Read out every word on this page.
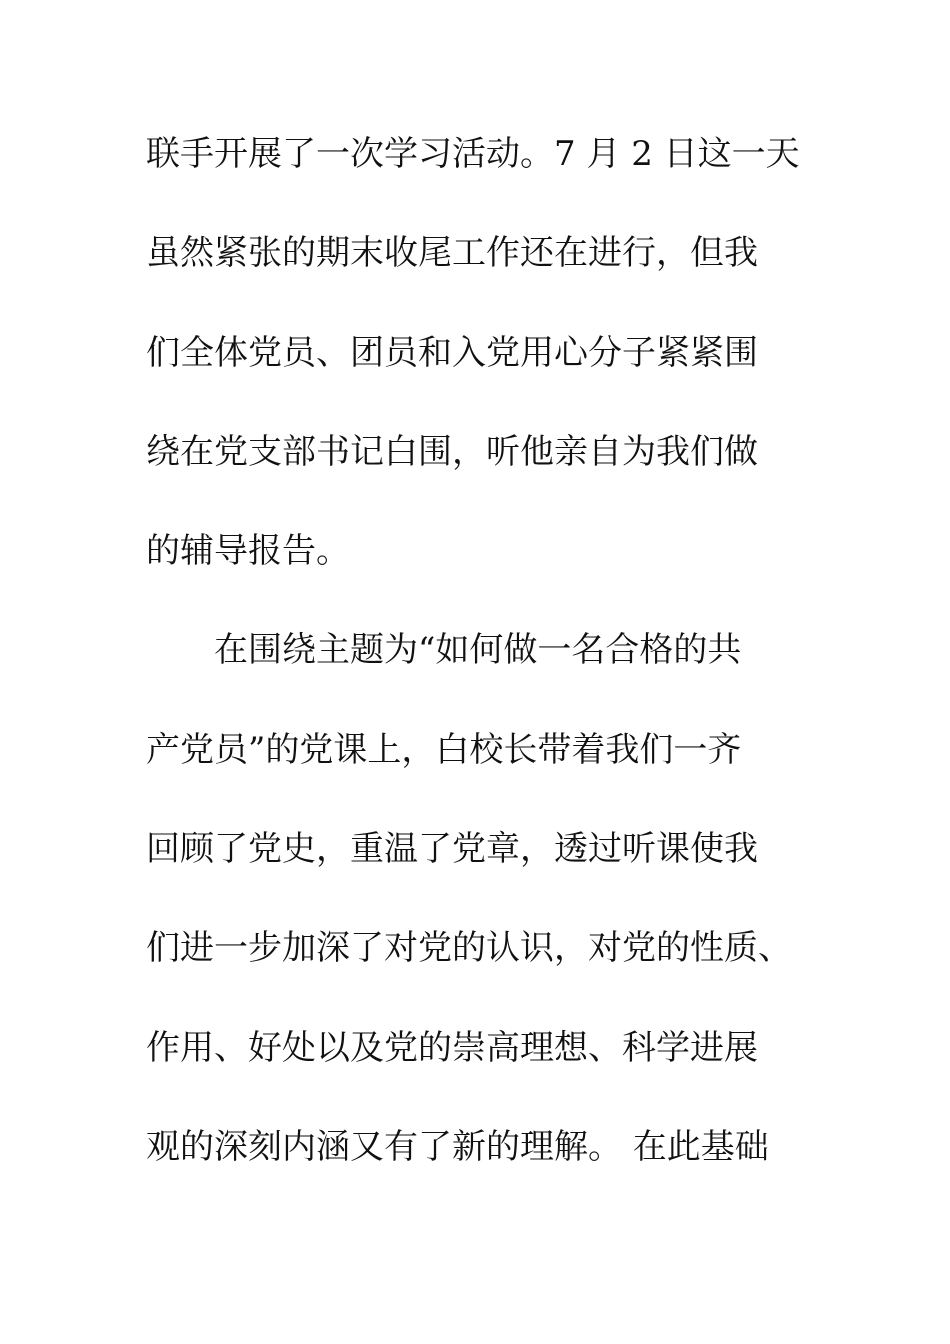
联手开展了一次学习活动。7 月 2 日这一天
虽然紧张的期末收尾工作还在进行，但我
们全体党员、团员和入党用心分子紧紧围
绕在党支部书记白围，听他亲自为我们做
的辅导报告。
在围绕主题为“如何做一名合格的共
产党员”的党课上，白校长带着我们一齐
回顾了党史，重温了党章，透过听课使我
们进一步加深了对党的认识，对党的性质、
作用、好处以及党的崇高理想、科学进展
观的深刻内涵又有了新的理解。 在此基础
